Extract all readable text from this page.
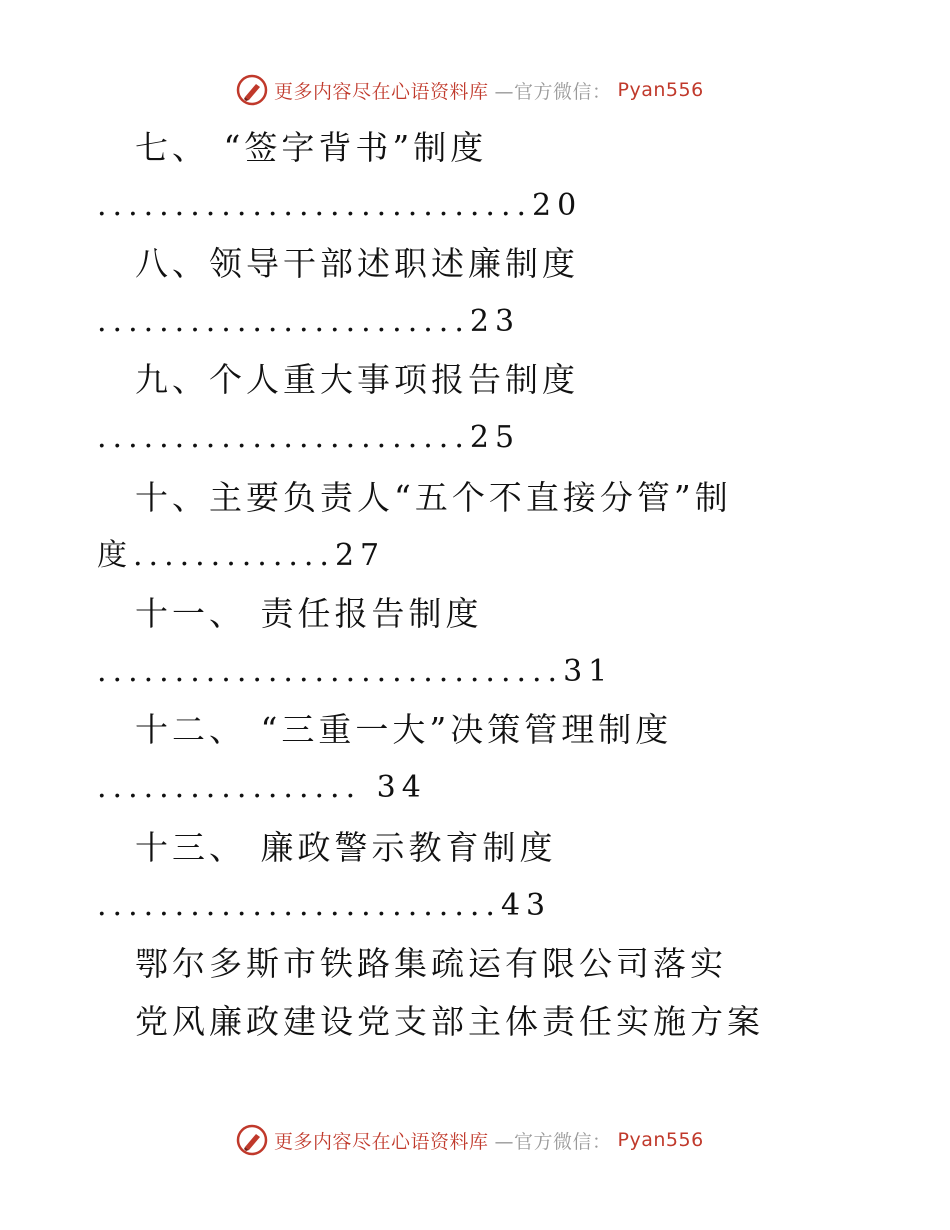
更多内容尽在心语资料库 —官方微信： Pyan556
七、 “签字背书”制度
............................20
八、领导干部述职述廉制度
........................23
九、个人重大事项报告制度
........................25
十、主要负责人“五个不直接分管”制
度.............27
十一、 责任报告制度
..............................31
十二、 “三重一大”决策管理制度
................. 34
十三、 廉政警示教育制度
..........................43
鄂尔多斯市铁路集疏运有限公司落实
党风廉政建设党支部主体责任实施方案
更多内容尽在心语资料库 —官方微信： Pyan556
